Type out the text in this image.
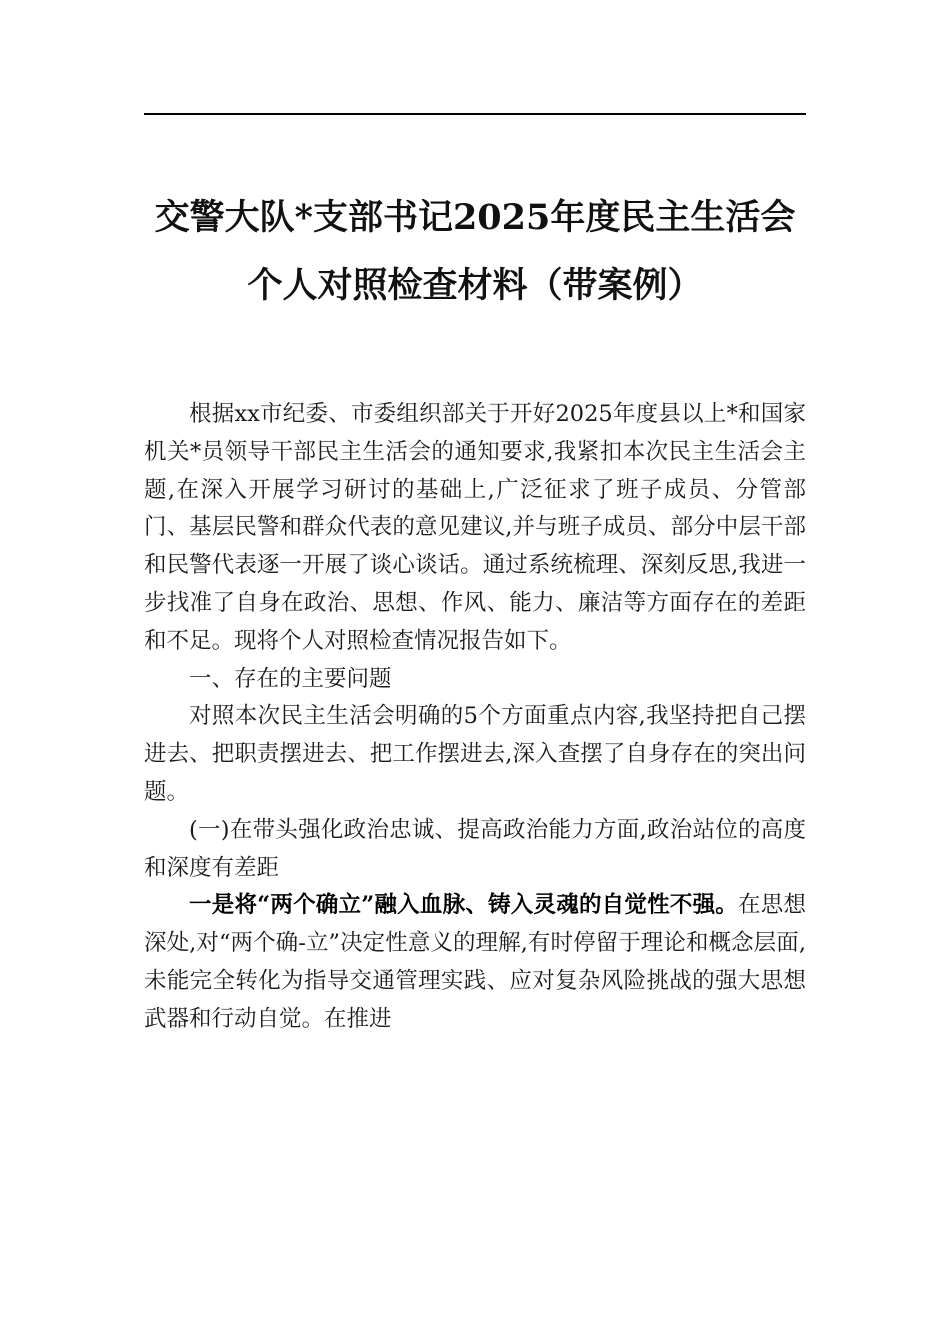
交警大队*支部书记2025年度民主生活会
个人对照检查材料（带案例）

根据xx市纪委、市委组织部关于开好2025年度县以上*和国家机关*员领导干部民主生活会的通知要求,我紧扣本次民主生活会主题,在深入开展学习研讨的基础上,广泛征求了班子成员、分管部门、基层民警和群众代表的意见建议,并与班子成员、部分中层干部和民警代表逐一开展了谈心谈话。通过系统梳理、深刻反思,我进一步找准了自身在政治、思想、作风、能力、廉洁等方面存在的差距和不足。现将个人对照检查情况报告如下。

一、存在的主要问题

对照本次民主生活会明确的5个方面重点内容,我坚持把自己摆进去、把职责摆进去、把工作摆进去,深入查摆了自身存在的突出问题。

(一)在带头强化政治忠诚、提高政治能力方面,政治站位的高度和深度有差距

一是将“两个确立”融入血脉、铸入灵魂的自觉性不强。在思想深处,对“两个确-立”决定性意义的理解,有时停留于理论和概念层面,未能完全转化为指导交通管理实践、应对复杂风险挑战的强大思想武器和行动自觉。在推进
